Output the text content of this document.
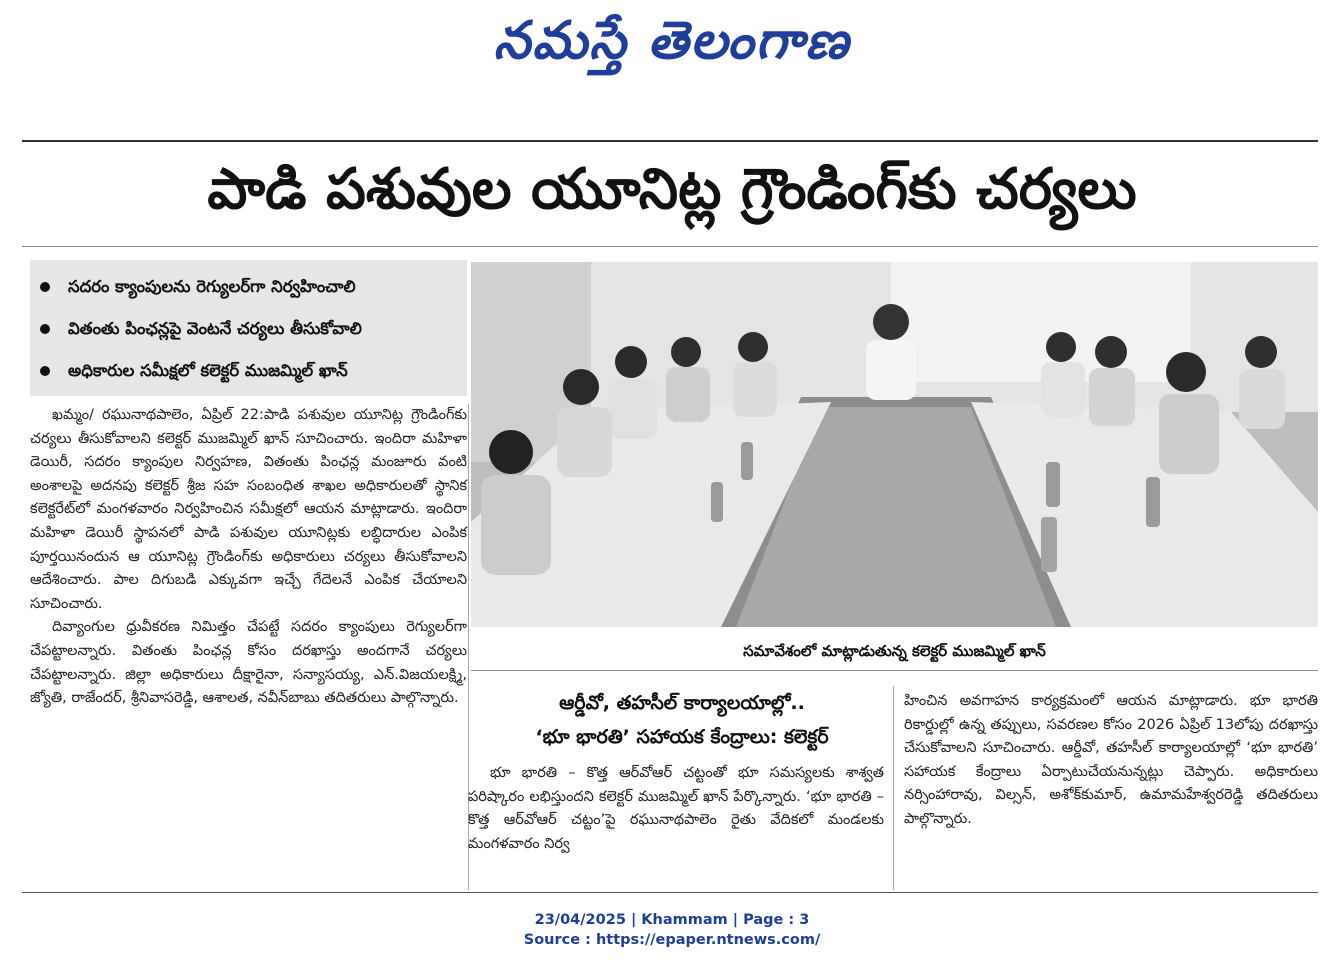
నమస్తే తెలంగాణ
పాడి పశువుల యూనిట్ల గ్రౌండింగ్‌కు చర్యలు
సదరం క్యాంపులను రెగ్యులర్‌గా నిర్వహించాలి
వితంతు పింఛన్లపై వెంటనే చర్యలు తీసుకోవాలి
అధికారుల సమీక్షలో కలెక్టర్ ముజమ్మిల్ ఖాన్

ఖమ్మం/ రఘునాథపాలెం, ఏప్రిల్ 22:పాడి పశువుల యూనిట్ల గ్రౌండింగ్‌కు చర్యలు తీసుకోవాలని కలెక్టర్ ముజమ్మిల్ ఖాన్ సూచించారు. ఇందిరా మహిళా డెయిరీ, సదరం క్యాంపుల నిర్వహణ, వితంతు పింఛన్ల మంజూరు వంటి అంశాలపై అదనపు కలెక్టర్ శ్రీజ సహ సంబంధిత శాఖల అధికారులతో స్థానిక కలెక్టరేట్‌లో మంగళవారం నిర్వహించిన సమీక్షలో ఆయన మాట్లాడారు. ఇందిరా మహిళా డెయిరీ స్థాపనలో పాడి పశువుల యూనిట్లకు లబ్ధిదారుల ఎంపిక పూర్తయినందున ఆ యూనిట్ల గ్రౌండింగ్‌కు అధికారులు చర్యలు తీసుకోవాలని ఆదేశించారు. పాల దిగుబడి ఎక్కువగా ఇచ్చే గేదెలనే ఎంపిక చేయాలని సూచించారు.

దివ్యాంగుల ధ్రువీకరణ నిమిత్తం చేపట్టే సదరం క్యాంపులు రెగ్యులర్‌గా చేపట్టాలన్నారు. వితంతు పింఛన్ల కోసం దరఖాస్తు అందగానే చర్యలు చేపట్టాలన్నారు. జిల్లా అధికారులు దీక్షారైనా, సన్యాసయ్య, ఎన్.విజయలక్ష్మి, జ్యోతి, రాజేందర్, శ్రీనివాసరెడ్డి, ఆశాలత, నవీన్‌బాబు తదితరులు పాల్గొన్నారు.

సమావేశంలో మాట్లాడుతున్న కలెక్టర్ ముజమ్మిల్ ఖాన్
ఆర్డీవో, తహసీల్ కార్యాలయాల్లో..
‘భూ భారతి’ సహాయక కేంద్రాలు: కలెక్టర్

భూ భారతి – కొత్త ఆర్‌వోఆర్ చట్టంతో భూ సమస్యలకు శాశ్వత పరిష్కారం లభిస్తుందని కలెక్టర్ ముజమ్మిల్ ఖాన్ పేర్కొన్నారు. ‘భూ భారతి – కొత్త ఆర్‌వోఆర్ చట్టం’పై రఘునాథపాలెం రైతు వేదికలో మండలకు మంగళవారం నిర్వ

హించిన అవగాహన కార్యక్రమంలో ఆయన మాట్లాడారు. భూ భారతి రికార్డుల్లో ఉన్న తప్పులు, సవరణల కోసం 2026 ఏప్రిల్ 13లోపు దరఖాస్తు చేసుకోవాలని సూచించారు. ఆర్డీవో, తహసీల్ కార్యాలయాల్లో ‘భూ భారతి’ సహాయక కేంద్రాలు ఏర్పాటుచేయనున్నట్లు చెప్పారు. అధికారులు నర్సింహారావు, విల్సన్, అశోక్‌కుమార్, ఉమామహేశ్వరరెడ్డి తదితరులు పాల్గొన్నారు.

23/04/2025 | Khammam | Page : 3
Source : https://epaper.ntnews.com/
